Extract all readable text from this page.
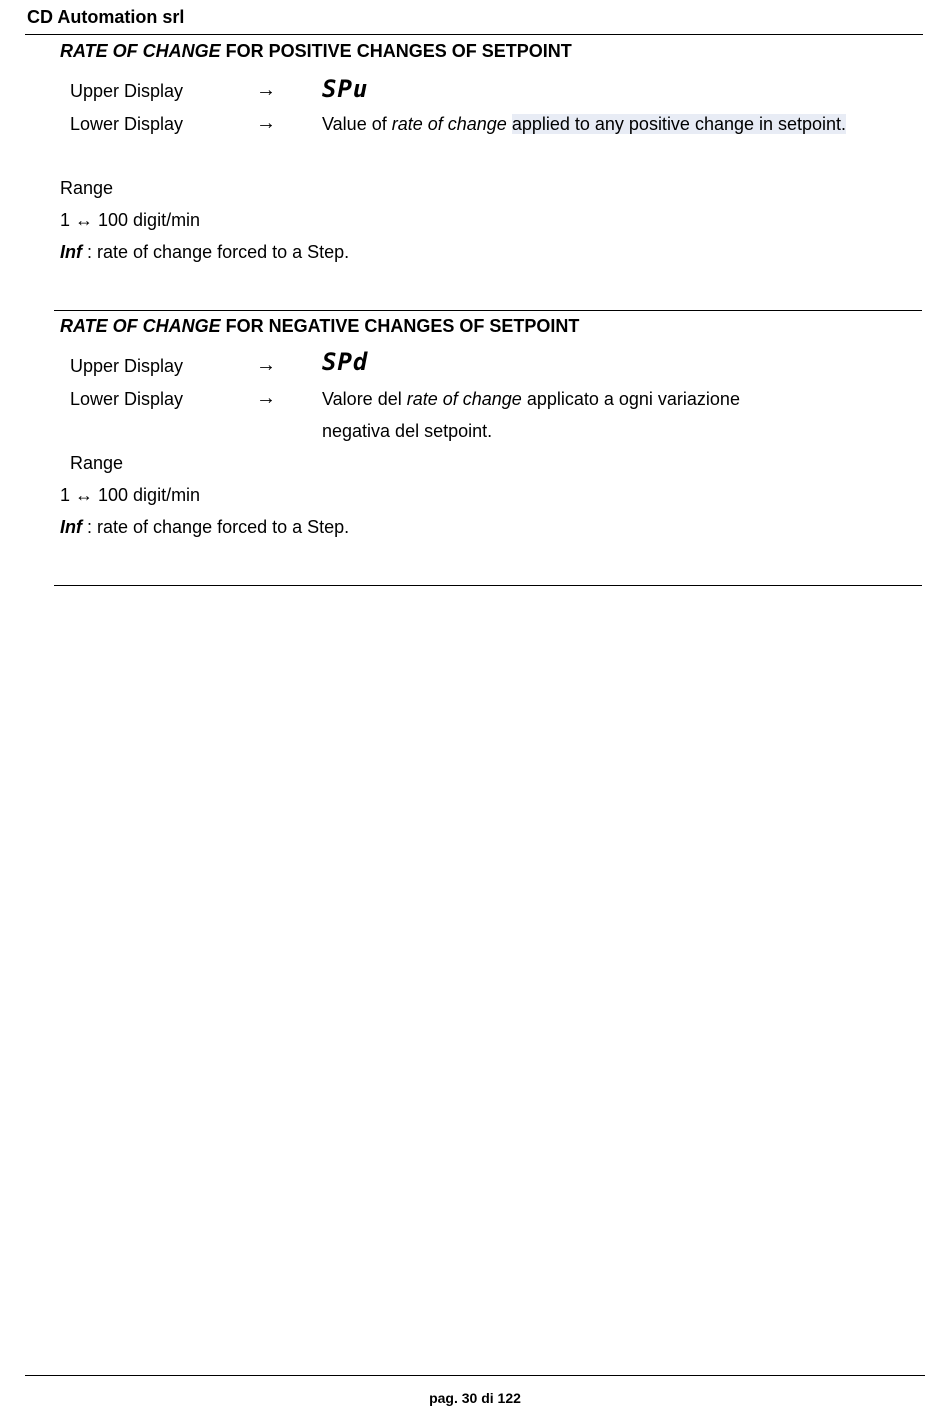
CD Automation srl
RATE OF CHANGE FOR POSITIVE CHANGES OF SETPOINT
Upper Display	→ SPu
Lower Display	→	Value of rate of change applied to any positive change in setpoint.
Range
1 ↔ 100 digit/min
Inf : rate of change forced to a Step.
RATE OF CHANGE FOR NEGATIVE CHANGES OF SETPOINT
Upper Display	→ SPd
Lower Display	→	Valore del rate of change applicato a ogni variazione
negativa del setpoint.
Range
1 ↔ 100 digit/min
Inf : rate of change forced to a Step.
pag. 30 di 122
